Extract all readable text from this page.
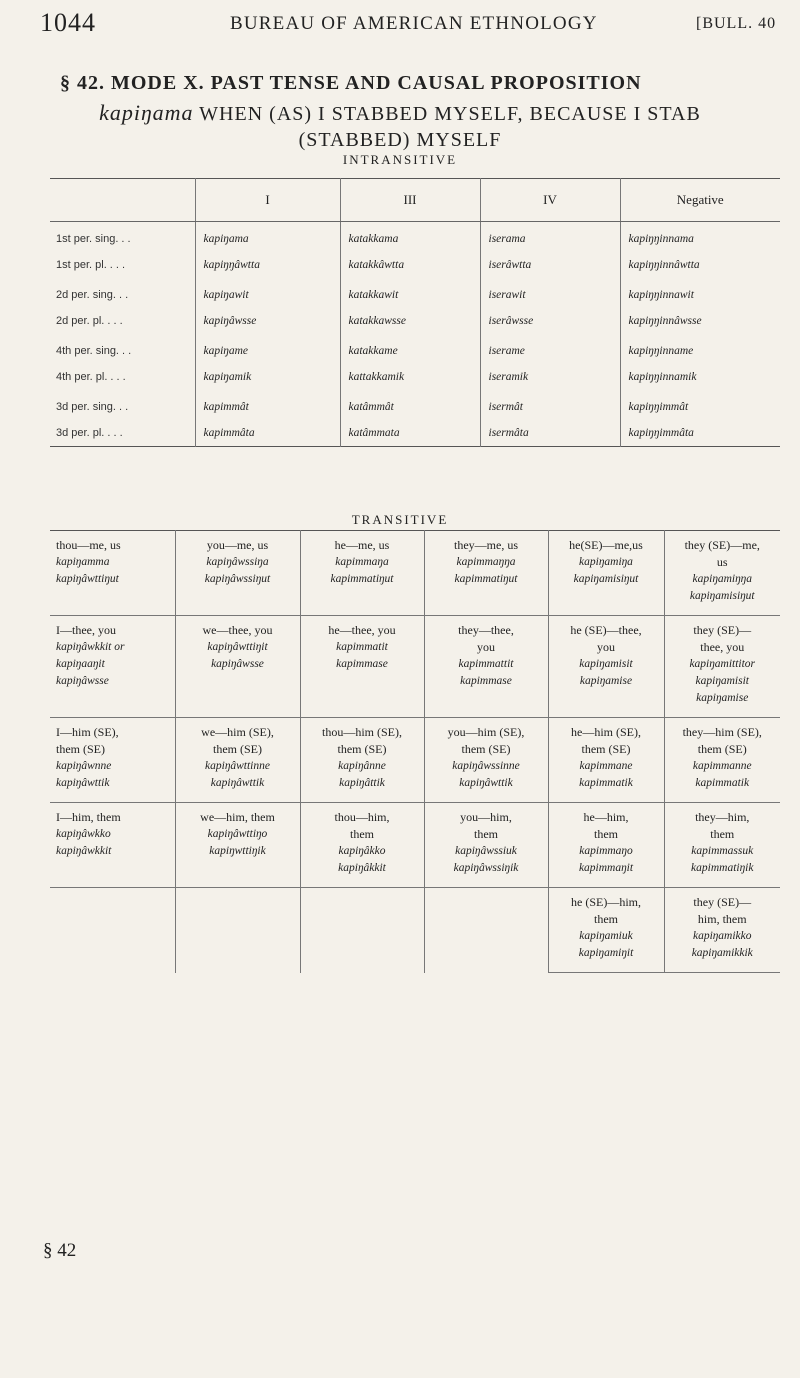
1044	BUREAU OF AMERICAN ETHNOLOGY	[BULL. 40
§ 42. MODE X. PAST TENSE AND CAUSAL PROPOSITION
kapiŋama WHEN (AS) I STABBED MYSELF, BECAUSE I STAB
(STABBED) MYSELF
INTRANSITIVE
	I	III	IV	Negative
1st per. sing. . .	kapiŋama	katakkama	iserama	kapiŋŋinnama
1st per. pl. . . .	kapiŋŋâwtta	katakkâwtta	iserâwtta	kapiŋŋinnâwtta
2d per. sing. . .	kapiŋawit	katakkawit	iserawit	kapiŋŋinnawit
2d per. pl. . . .	kapiŋâwsse	katakkawsse	iserâwsse	kapiŋŋinnâwsse
4th per. sing. . .	kapiŋame	katakkame	iserame	kapiŋŋinname
4th per. pl. . . .	kapiŋamik	kattakkamik	iseramik	kapiŋŋinnamik
3d per. sing. . .	kapimmât	katâmmât	isermât	kapiŋŋimmât
3d per. pl. . . .	kapimmâta	katâmmata	isermâta	kapiŋŋimmâta
TRANSITIVE
thou—me, us
kapiŋamma
kapiŋâwttiŋut	you—me, us
kapiŋâwssiŋa
kapiŋâwssiŋut	he—me, us
kapimmaŋa
kapimmatiŋut	they—me, us
kapimmaŋŋa
kapimmatiŋut	he(SE)—me,us
kapiŋamiŋa
kapiŋamisiŋut	they (SE)—me,
us
kapiŋamiŋŋa
kapiŋamisiŋut

I—thee, you
kapiŋâwkkit or
kapiŋaaŋit
kapiŋâwsse	we—thee, you
kapiŋâwttiŋit
kapiŋâwsse	he—thee, you
kapimmatit
kapimmase	they—thee,
you
kapimmattit
kapimmase	he (SE)—thee,
you
kapiŋamisit
kapiŋamise	they (SE)—
thee, you
kapiŋamittitor
kapiŋamisit
kapiŋamise

I—him (SE),
them (SE)
kapiŋâwnne
kapiŋâwttik	we—him (SE),
them (SE)
kapiŋâwttinne
kapiŋâwttik	thou—him (SE),
them (SE)
kapiŋânne
kapiŋâttik	you—him (SE),
them (SE)
kapiŋâwssinne
kapiŋâwttik	he—him (SE),
them (SE)
kapimmane
kapimmatik	they—him (SE),
them (SE)
kapimmanne
kapimmatik

I—him, them
kapiŋâwkko
kapiŋâwkkit	we—him, them
kapiŋâwttiŋo
kapiŋwttiŋik	thou—him,
them
kapiŋâkko
kapiŋâkkit	you—him,
them
kapiŋâwssiuk
kapiŋâwssiŋik	he—him,
them
kapimmaŋo
kapimmaŋit	they—him,
them
kapimmassuk
kapimmatiŋik

				he (SE)—him,
them
kapiŋamiuk
kapiŋamiŋit	they (SE)—
him, them
kapiŋamikko
kapiŋamikkik
§ 42
